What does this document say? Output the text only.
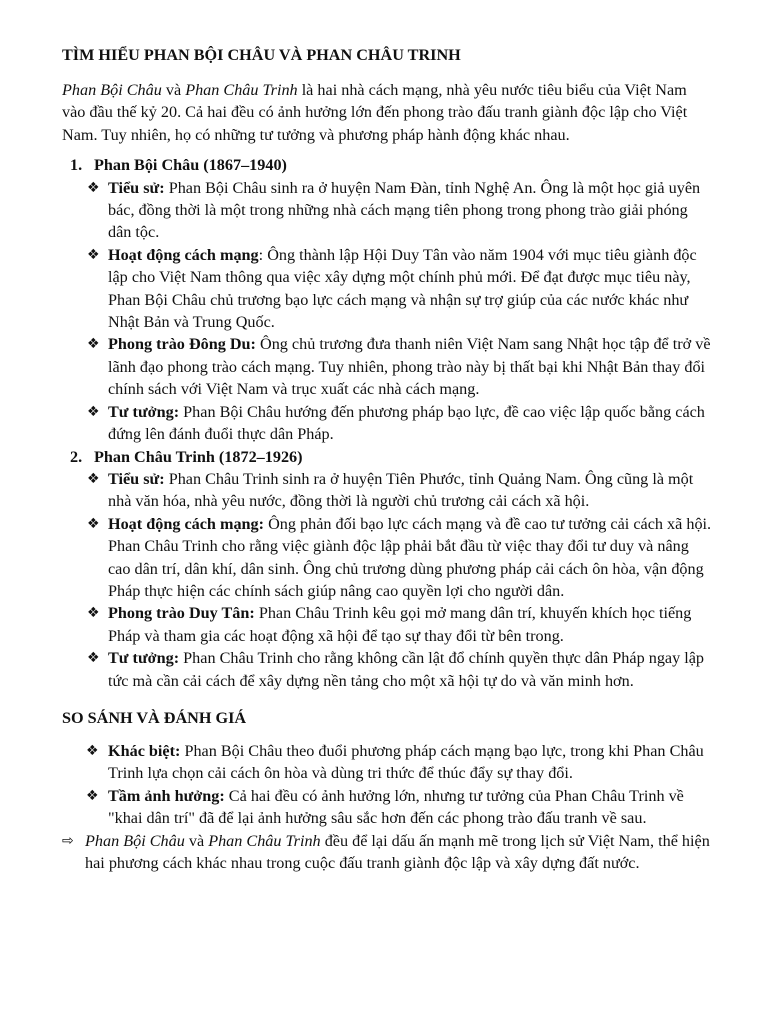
TÌM HIỂU PHAN BỘI CHÂU VÀ PHAN CHÂU TRINH

Phan Bội Châu và Phan Châu Trinh là hai nhà cách mạng, nhà yêu nước tiêu biểu của Việt Nam vào đầu thế kỷ 20. Cả hai đều có ảnh hưởng lớn đến phong trào đấu tranh giành độc lập cho Việt Nam. Tuy nhiên, họ có những tư tưởng và phương pháp hành động khác nhau.

1. Phan Bội Châu (1867–1940)
❖ Tiểu sử: Phan Bội Châu sinh ra ở huyện Nam Đàn, tỉnh Nghệ An. Ông là một học giả uyên bác, đồng thời là một trong những nhà cách mạng tiên phong trong phong trào giải phóng dân tộc.
❖ Hoạt động cách mạng: Ông thành lập Hội Duy Tân vào năm 1904 với mục tiêu giành độc lập cho Việt Nam thông qua việc xây dựng một chính phủ mới. Để đạt được mục tiêu này, Phan Bội Châu chủ trương bạo lực cách mạng và nhận sự trợ giúp của các nước khác như Nhật Bản và Trung Quốc.
❖ Phong trào Đông Du: Ông chủ trương đưa thanh niên Việt Nam sang Nhật học tập để trở về lãnh đạo phong trào cách mạng. Tuy nhiên, phong trào này bị thất bại khi Nhật Bản thay đổi chính sách với Việt Nam và trục xuất các nhà cách mạng.
❖ Tư tưởng: Phan Bội Châu hướng đến phương pháp bạo lực, đề cao việc lập quốc bằng cách đứng lên đánh đuổi thực dân Pháp.
2. Phan Châu Trinh (1872–1926)
❖ Tiểu sử: Phan Châu Trinh sinh ra ở huyện Tiên Phước, tỉnh Quảng Nam. Ông cũng là một nhà văn hóa, nhà yêu nước, đồng thời là người chủ trương cải cách xã hội.
❖ Hoạt động cách mạng: Ông phản đối bạo lực cách mạng và đề cao tư tưởng cải cách xã hội. Phan Châu Trinh cho rằng việc giành độc lập phải bắt đầu từ việc thay đổi tư duy và nâng cao dân trí, dân khí, dân sinh. Ông chủ trương dùng phương pháp cải cách ôn hòa, vận động Pháp thực hiện các chính sách giúp nâng cao quyền lợi cho người dân.
❖ Phong trào Duy Tân: Phan Châu Trinh kêu gọi mở mang dân trí, khuyến khích học tiếng Pháp và tham gia các hoạt động xã hội để tạo sự thay đổi từ bên trong.
❖ Tư tưởng: Phan Châu Trinh cho rằng không cần lật đổ chính quyền thực dân Pháp ngay lập tức mà cần cải cách để xây dựng nền tảng cho một xã hội tự do và văn minh hơn.

SO SÁNH VÀ ĐÁNH GIÁ

❖ Khác biệt: Phan Bội Châu theo đuổi phương pháp cách mạng bạo lực, trong khi Phan Châu Trinh lựa chọn cải cách ôn hòa và dùng tri thức để thúc đẩy sự thay đổi.
❖ Tầm ảnh hưởng: Cả hai đều có ảnh hưởng lớn, nhưng tư tưởng của Phan Châu Trinh về "khai dân trí" đã để lại ảnh hưởng sâu sắc hơn đến các phong trào đấu tranh về sau.

⇨ Phan Bội Châu và Phan Châu Trinh đều để lại dấu ấn mạnh mẽ trong lịch sử Việt Nam, thể hiện hai phương cách khác nhau trong cuộc đấu tranh giành độc lập và xây dựng đất nước.
